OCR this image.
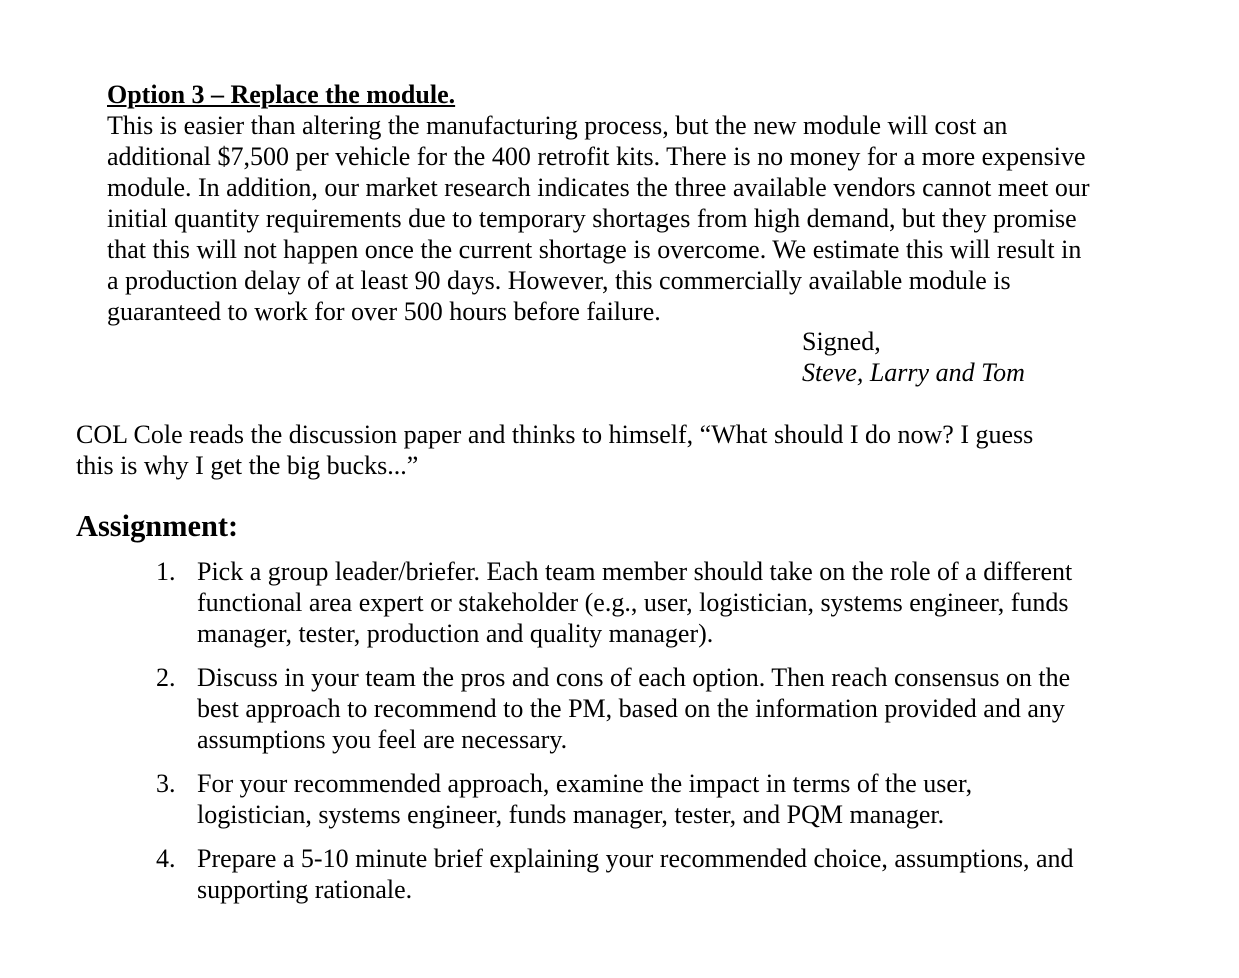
Option 3 – Replace the module.

This is easier than altering the manufacturing process, but the new module will cost an
additional $7,500 per vehicle for the 400 retrofit kits. There is no money for a more expensive
module. In addition, our market research indicates the three available vendors cannot meet our
initial quantity requirements due to temporary shortages from high demand, but they promise
that this will not happen once the current shortage is overcome. We estimate this will result in
a production delay of at least 90 days. However, this commercially available module is
guaranteed to work for over 500 hours before failure.

Signed,
Steve, Larry and Tom

COL Cole reads the discussion paper and thinks to himself, “What should I do now? I guess
this is why I get the big bucks...”

Assignment:
1. Pick a group leader/briefer. Each team member should take on the role of a different
functional area expert or stakeholder (e.g., user, logistician, systems engineer, funds
manager, tester, production and quality manager).
2. Discuss in your team the pros and cons of each option. Then reach consensus on the
best approach to recommend to the PM, based on the information provided and any
assumptions you feel are necessary.
3. For your recommended approach, examine the impact in terms of the user,
logistician, systems engineer, funds manager, tester, and PQM manager.
4. Prepare a 5-10 minute brief explaining your recommended choice, assumptions, and
supporting rationale.
